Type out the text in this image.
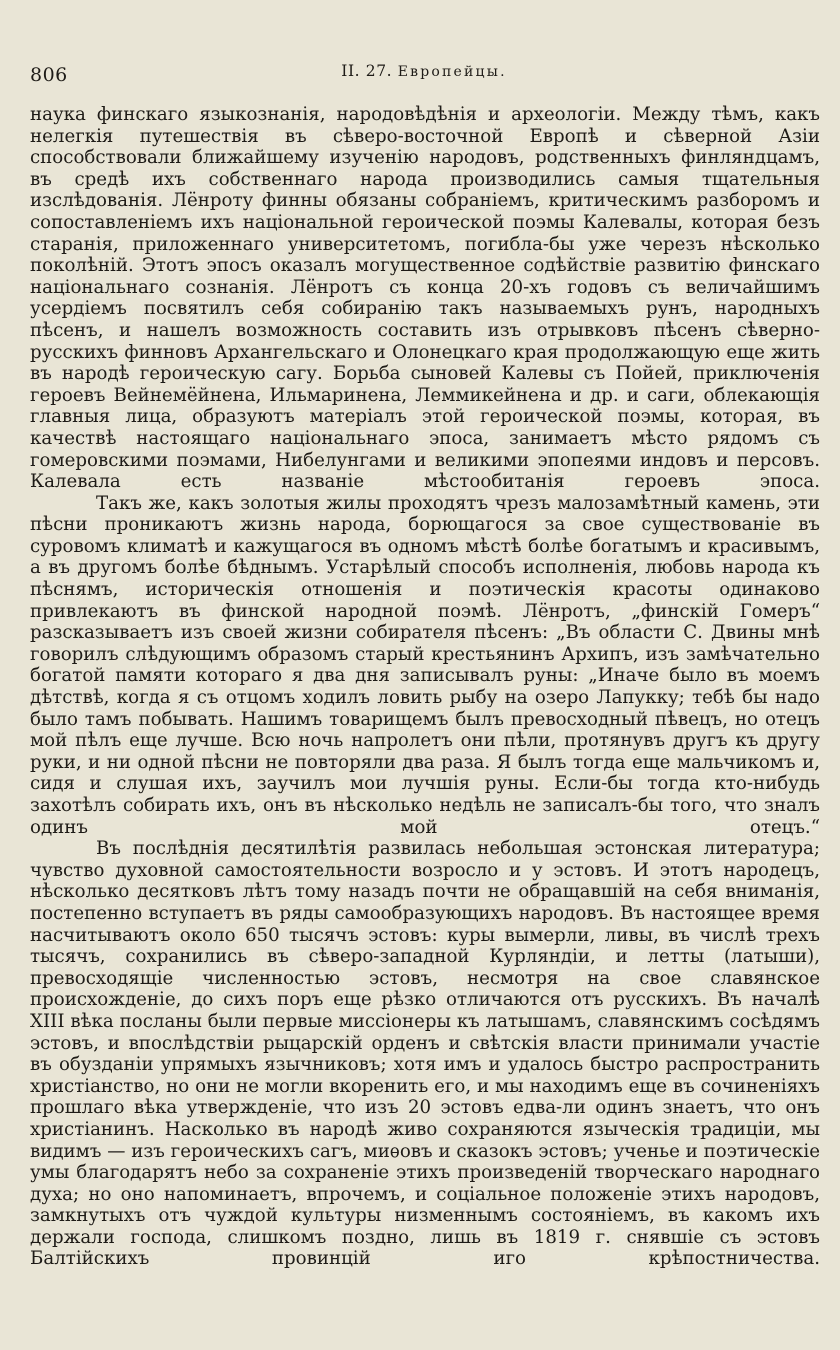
806	II. 27. Европейцы.

наука финскаго языкознанія, народовѣдѣнія и археологіи. Между тѣмъ, какъ нелегкія путешествія въ сѣверо-восточной Европѣ и сѣверной Азіи способствовали ближайшему изученію народовъ, родственныхъ финляндцамъ, въ средѣ ихъ собственнаго народа производились самыя тщательныя изслѣдованія. Лёнроту финны обязаны собраніемъ, критическимъ разборомъ и сопоставленіемъ ихъ національной героической поэмы Калевалы, которая безъ старанія, приложеннаго университетомъ, погибла-бы уже черезъ нѣсколько поколѣній. Этотъ эпосъ оказалъ могущественное содѣйствіе развитію финскаго національнаго сознанія. Лёнротъ съ конца 20-хъ годовъ съ величайшимъ усердіемъ посвятилъ себя собиранію такъ называемыхъ рунъ, народныхъ пѣсенъ, и нашелъ возможность составить изъ отрывковъ пѣсенъ сѣверно-русскихъ финновъ Архангельскаго и Олонецкаго края продолжающую еще жить въ народѣ героическую сагу. Борьба сыновей Калевы съ Пойей, приключенія героевъ Вейнемёйнена, Ильмаринена, Леммикейнена и др. и саги, облекающія главныя лица, образуютъ матеріалъ этой героической поэмы, которая, въ качествѣ настоящаго національнаго эпоса, занимаетъ мѣсто рядомъ съ гомеровскими поэмами, Нибелунгами и великими эпопеями индовъ и персовъ. Калевала есть названіе мѣстообитанія героевъ эпоса.

Такъ же, какъ золотыя жилы проходятъ чрезъ малозамѣтный камень, эти пѣсни проникаютъ жизнь народа, борющагося за свое существованіе въ суровомъ климатѣ и кажущагося въ одномъ мѣстѣ болѣе богатымъ и красивымъ, а въ другомъ болѣе бѣднымъ. Устарѣлый способъ исполненія, любовь народа къ пѣснямъ, историческія отношенія и поэтическія красоты одинаково привлекаютъ въ финской народной поэмѣ. Лёнротъ, „финскій Гомеръ“ разсказываетъ изъ своей жизни собирателя пѣсенъ: „Въ области С. Двины мнѣ говорилъ слѣдующимъ образомъ старый крестьянинъ Архипъ, изъ замѣчательно богатой памяти котораго я два дня записывалъ руны: „Иначе было въ моемъ дѣтствѣ, когда я съ отцомъ ходилъ ловить рыбу на озеро Лапукку; тебѣ бы надо было тамъ побывать. Нашимъ товарищемъ былъ превосходный пѣвецъ, но отецъ мой пѣлъ еще лучше. Всю ночь напролетъ они пѣли, протянувъ другъ къ другу руки, и ни одной пѣсни не повторяли два раза. Я былъ тогда еще мальчикомъ и, сидя и слушая ихъ, заучилъ мои лучшія руны. Если-бы тогда кто-нибудь захотѣлъ собирать ихъ, онъ въ нѣсколько недѣль не записалъ-бы того, что зналъ одинъ мой отецъ.“

Въ послѣднія десятилѣтія развилась небольшая эстонская литература; чувство духовной самостоятельности возросло и у эстовъ. И этотъ народецъ, нѣсколько десятковъ лѣтъ тому назадъ почти не обращавшій на себя вниманія, постепенно вступаетъ въ ряды самообразующихъ народовъ. Въ настоящее время насчитываютъ около 650 тысячъ эстовъ: куры вымерли, ливы, въ числѣ трехъ тысячъ, сохранились въ сѣверо-западной Курляндіи, и летты (латыши), превосходящіе численностью эстовъ, несмотря на свое славянское происхожденіе, до сихъ поръ еще рѣзко отличаются отъ русскихъ. Въ началѣ XIII вѣка посланы были первые миссіонеры къ латышамъ, славянскимъ сосѣдямъ эстовъ, и впослѣдствіи рыцарскій орденъ и свѣтскія власти принимали участіе въ обузданіи упрямыхъ язычниковъ; хотя имъ и удалось быстро распространить христіанство, но они не могли вкоренить его, и мы находимъ еще въ сочиненіяхъ прошлаго вѣка утвержденіе, что изъ 20 эстовъ едва-ли одинъ знаетъ, что онъ христіанинъ. Насколько въ народѣ живо сохраняются языческія традиціи, мы видимъ — изъ героическихъ сагъ, миѳовъ и сказокъ эстовъ; ученье и поэтическіе умы благодарятъ небо за сохраненіе этихъ произведеній творческаго народнаго духа; но оно напоминаетъ, впрочемъ, и соціальное положеніе этихъ народовъ, замкнутыхъ отъ чуждой культуры низменнымъ состояніемъ, въ какомъ ихъ держали господа, слишкомъ поздно, лишь въ 1819 г. снявшіе съ эстовъ Балтійскихъ провинцій иго крѣпостничества.
